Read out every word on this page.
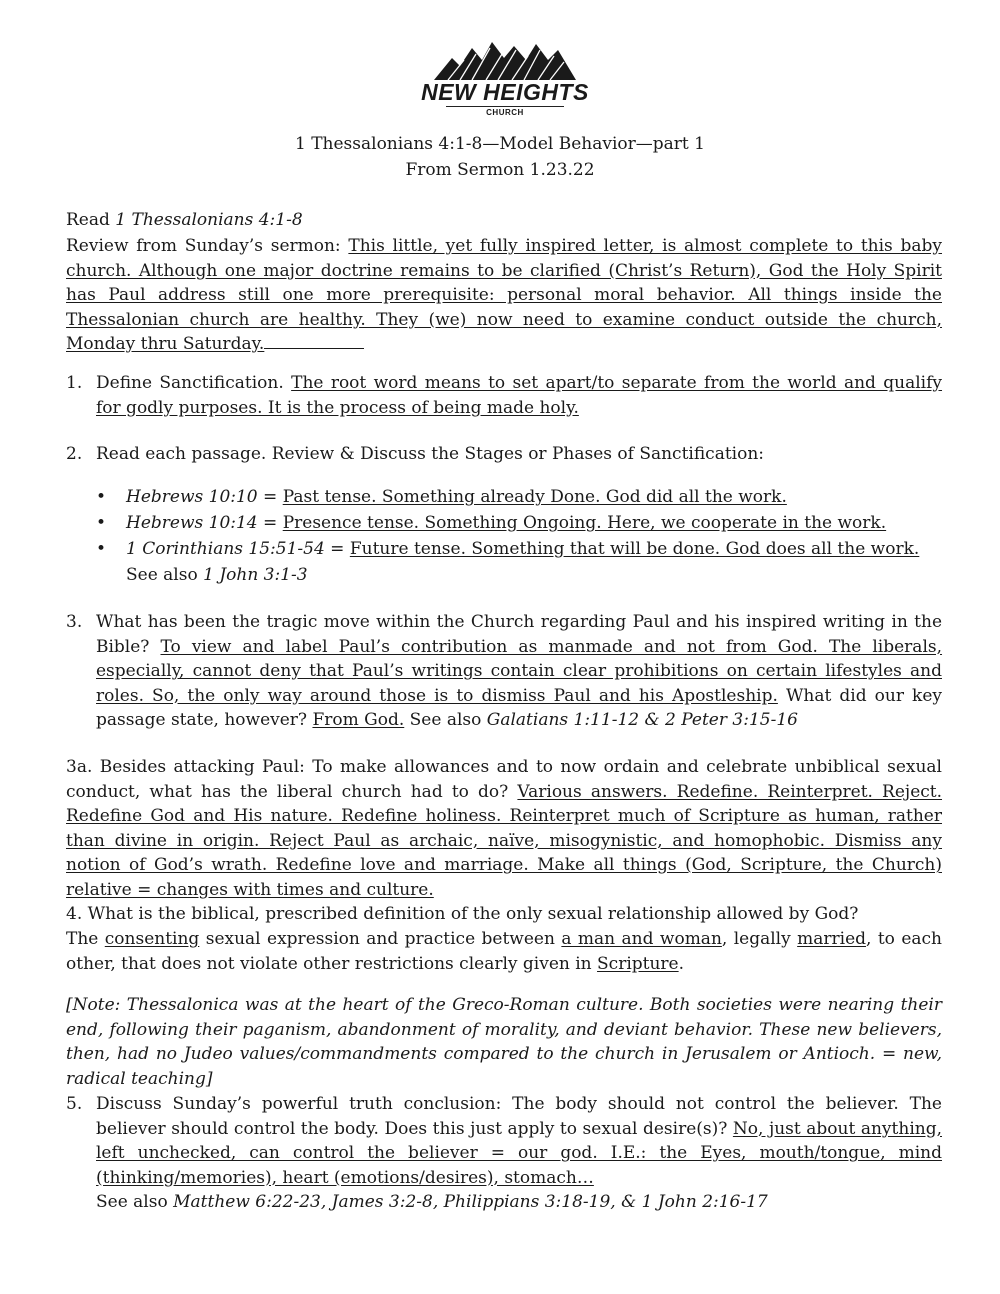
NEW HEIGHTS
CHURCH
1 Thessalonians 4:1-8—Model Behavior—part 1
From Sermon 1.23.22
Read 1 Thessalonians 4:1-8
Review from Sunday’s sermon: This little, yet fully inspired letter, is almost complete to this baby church. Although one major doctrine remains to be clarified (Christ’s Return), God the Holy Spirit has Paul address still one more prerequisite: personal moral behavior. All things inside the Thessalonian church are healthy. They (we) now need to examine conduct outside the church, Monday thru Saturday.
1. Define Sanctification. The root word means to set apart/to separate from the world and qualify for godly purposes. It is the process of being made holy.
2. Read each passage. Review & Discuss the Stages or Phases of Sanctification:
• Hebrews 10:10 = Past tense. Something already Done. God did all the work.
• Hebrews 10:14 = Presence tense. Something Ongoing. Here, we cooperate in the work.
• 1 Corinthians 15:51-54 = Future tense. Something that will be done. God does all the work.
See also 1 John 3:1-3
3. What has been the tragic move within the Church regarding Paul and his inspired writing in the Bible? To view and label Paul’s contribution as manmade and not from God. The liberals, especially, cannot deny that Paul’s writings contain clear prohibitions on certain lifestyles and roles. So, the only way around those is to dismiss Paul and his Apostleship. What did our key passage state, however? From God. See also Galatians 1:11-12 & 2 Peter 3:15-16
3a. Besides attacking Paul: To make allowances and to now ordain and celebrate unbiblical sexual conduct, what has the liberal church had to do? Various answers. Redefine. Reinterpret. Reject. Redefine God and His nature. Redefine holiness. Reinterpret much of Scripture as human, rather than divine in origin. Reject Paul as archaic, naïve, misogynistic, and homophobic. Dismiss any notion of God’s wrath. Redefine love and marriage. Make all things (God, Scripture, the Church) relative = changes with times and culture.
4. What is the biblical, prescribed definition of the only sexual relationship allowed by God?
The consenting sexual expression and practice between a man and woman, legally married, to each other, that does not violate other restrictions clearly given in Scripture.
[Note: Thessalonica was at the heart of the Greco-Roman culture. Both societies were nearing their end, following their paganism, abandonment of morality, and deviant behavior. These new believers, then, had no Judeo values/commandments compared to the church in Jerusalem or Antioch. = new, radical teaching]
5. Discuss Sunday’s powerful truth conclusion: The body should not control the believer. The believer should control the body. Does this just apply to sexual desire(s)? No, just about anything, left unchecked, can control the believer = our god. I.E.: the Eyes, mouth/tongue, mind (thinking/memories), heart (emotions/desires), stomach…
See also Matthew 6:22-23, James 3:2-8, Philippians 3:18-19, & 1 John 2:16-17
